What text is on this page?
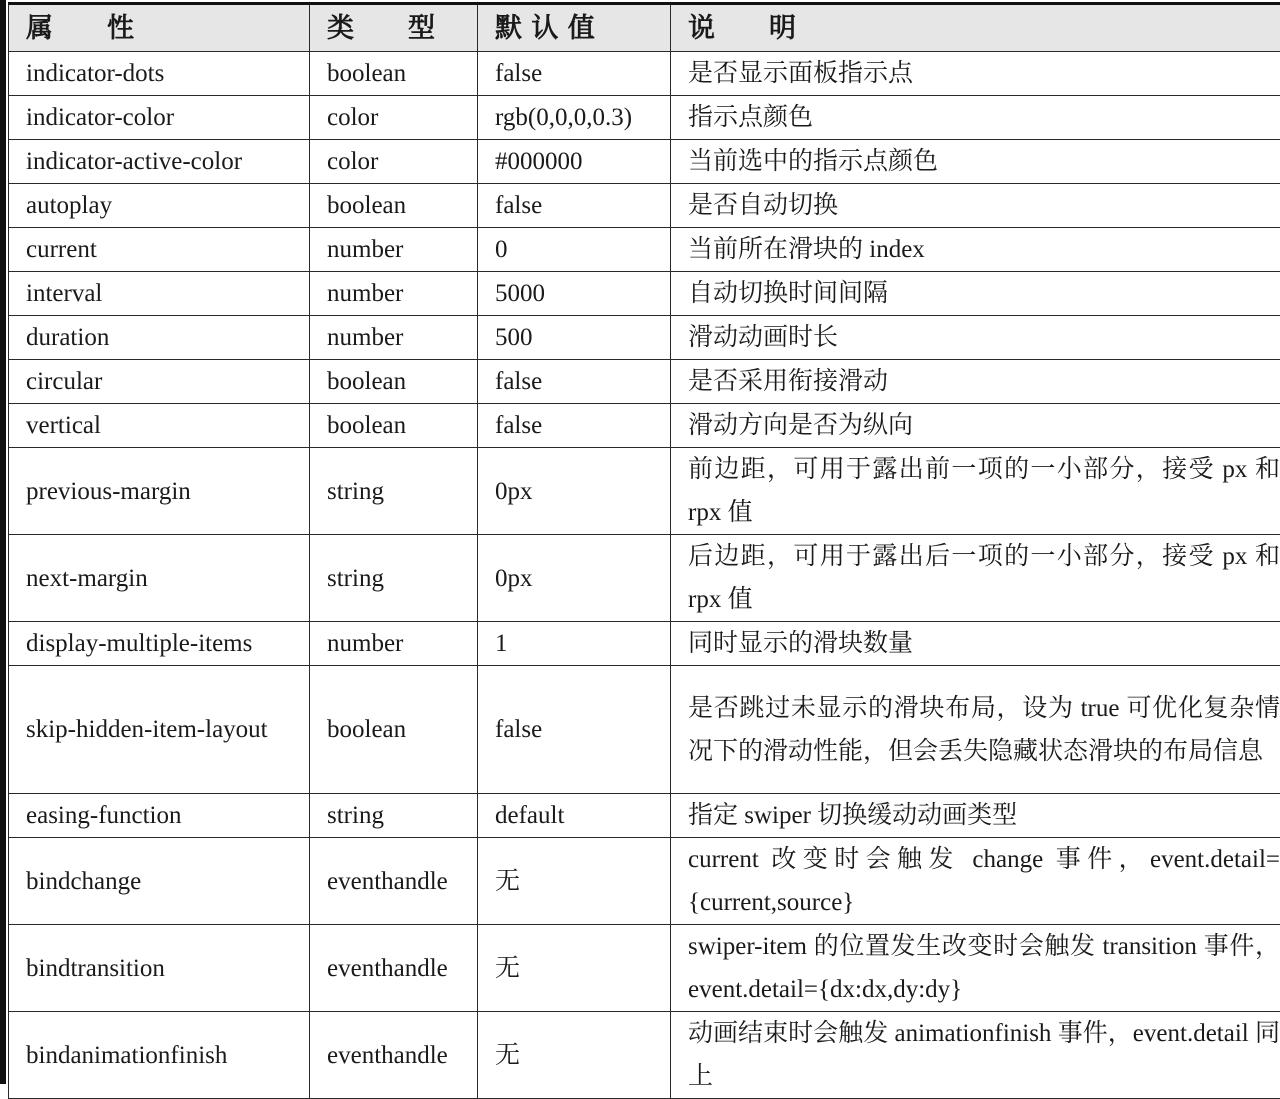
属　　性	类　　型	默 认 值	说　　明
indicator-dots	boolean	false	是否显示面板指示点
indicator-color	color	rgb(0,0,0,0.3)	指示点颜色
indicator-active-color	color	#000000	当前选中的指示点颜色
autoplay	boolean	false	是否自动切换
current	number	0	当前所在滑块的 index
interval	number	5000	自动切换时间间隔
duration	number	500	滑动动画时长
circular	boolean	false	是否采用衔接滑动
vertical	boolean	false	滑动方向是否为纵向
previous-margin	string	0px	前边距，可用于露出前一项的一小部分，接受 px 和 rpx 值
next-margin	string	0px	后边距，可用于露出后一项的一小部分，接受 px 和 rpx 值
display-multiple-items	number	1	同时显示的滑块数量
skip-hidden-item-layout	boolean	false	是否跳过未显示的滑块布局，设为 true 可优化复杂情况下的滑动性能，但会丢失隐藏状态滑块的布局信息
easing-function	string	default	指定 swiper 切换缓动动画类型
bindchange	eventhandle	无	current 改变时会触发 change 事件，event.detail={current,source}
bindtransition	eventhandle	无	swiper-item 的位置发生改变时会触发 transition 事件，event.detail={dx:dx,dy:dy}
bindanimationfinish	eventhandle	无	动画结束时会触发 animationfinish 事件，event.detail 同上
